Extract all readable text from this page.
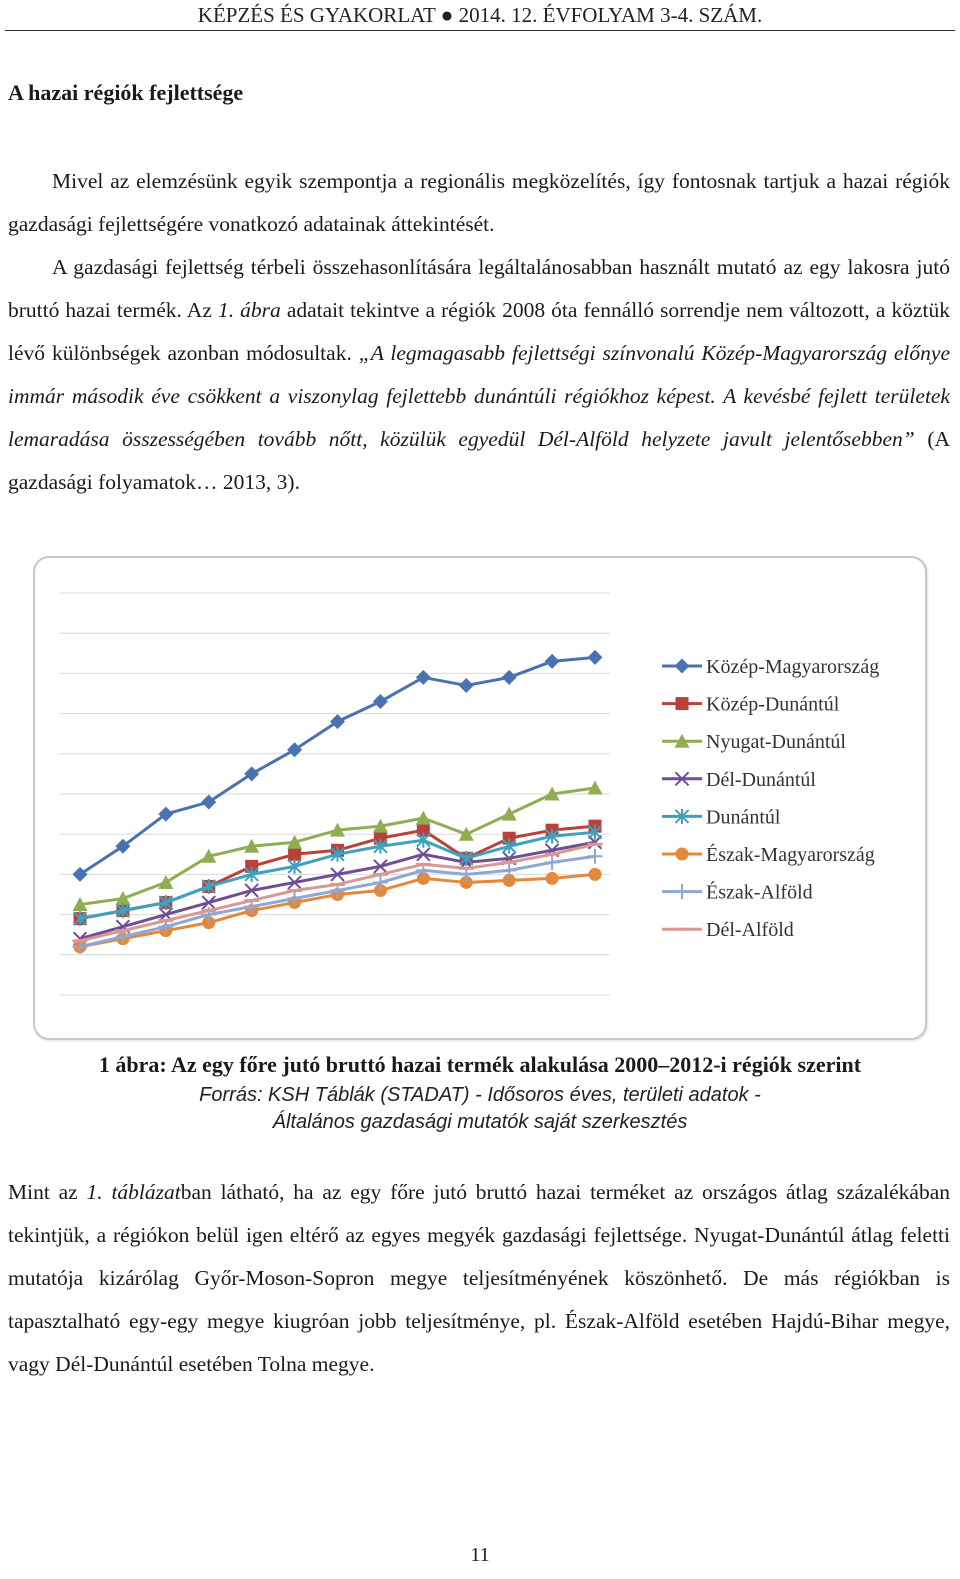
KÉPZÉS ÉS GYAKORLAT ● 2014. 12. ÉVFOLYAM 3-4. SZÁM.
A hazai régiók fejlettsége
Mivel az elemzésünk egyik szempontja a regionális megközelítés, így fontosnak tartjuk a hazai régiók gazdasági fejlettségére vonatkozó adatainak áttekintését.
A gazdasági fejlettség térbeli összehasonlítására legáltalánosabban használt mutató az egy lakosra jutó bruttó hazai termék. Az 1. ábra adatait tekintve a régiók 2008 óta fennálló sorrendje nem változott, a köztük lévő különbségek azonban módosultak. „A legmagasabb fejlettségi színvonalú Közép-Magyarország előnye immár második éve csökkent a viszonylag fejlettebb dunántúli régiókhoz képest. A kevésbé fejlett területek lemaradása összességében tovább nőtt, közülük egyedül Dél-Alföld helyzete javult jelentősebben” (A gazdasági folyamatok… 2013, 3).
Közép-Magyarország
Közép-Dunántúl
Nyugat-Dunántúl
Dél-Dunántúl
Dunántúl
Észak-Magyarország
Észak-Alföld
Dél-Alföld
1 ábra: Az egy főre jutó bruttó hazai termék alakulása 2000–2012-i régiók szerint
Forrás: KSH Táblák (STADAT) - Idősoros éves, területi adatok -
Általános gazdasági mutatók saját szerkesztés
Mint az 1. táblázatban látható, ha az egy főre jutó bruttó hazai terméket az országos átlag százalékában tekintjük, a régiókon belül igen eltérő az egyes megyék gazdasági fejlettsége. Nyugat-Dunántúl átlag feletti mutatója kizárólag Győr-Moson-Sopron megye teljesítményének köszönhető. De más régiókban is tapasztalható egy-egy megye kiugróan jobb teljesítménye, pl. Észak-Alföld esetében Hajdú-Bihar megye, vagy Dél-Dunántúl esetében Tolna megye.
11
